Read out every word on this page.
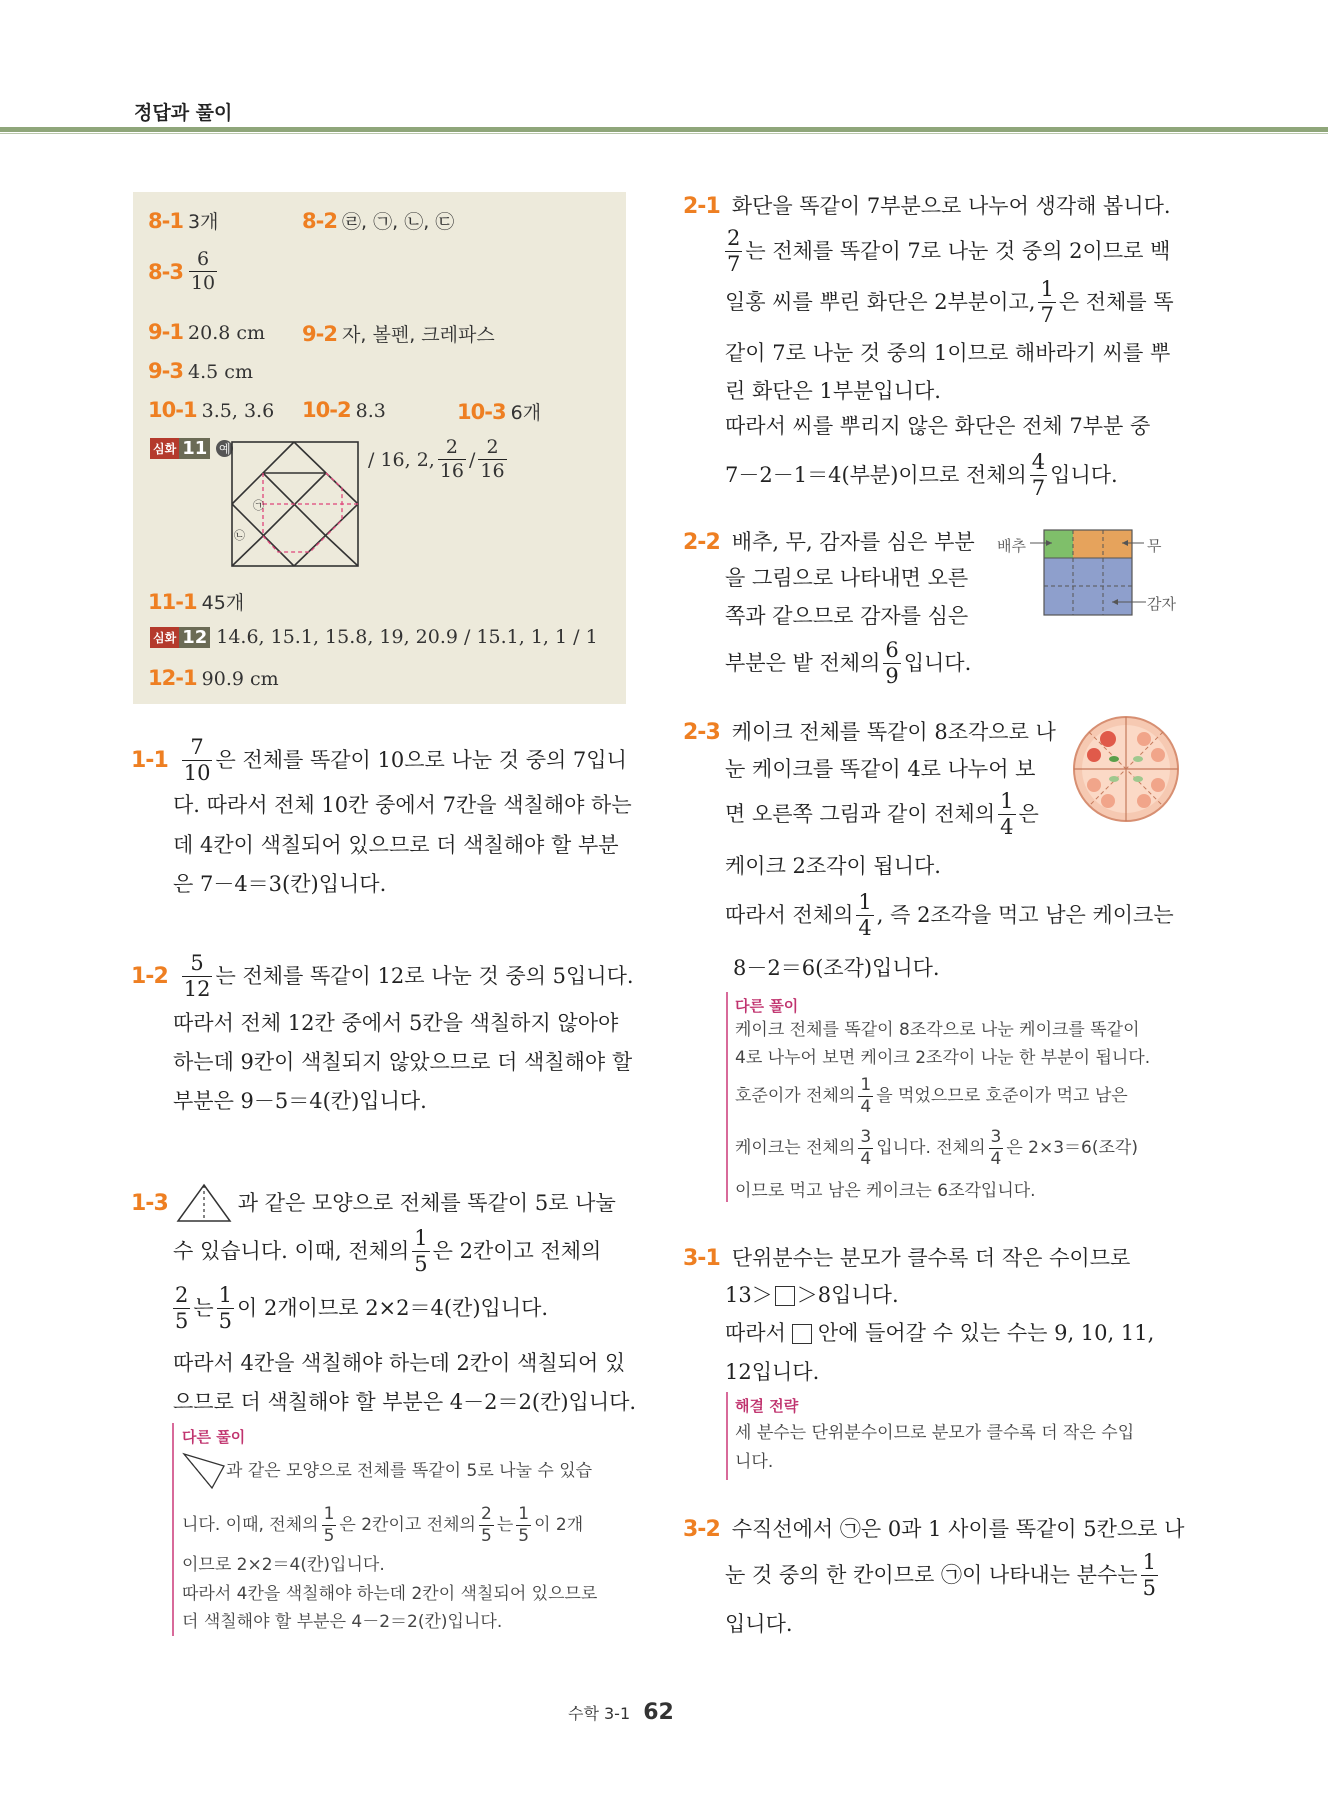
정답과 풀이
8-1 3개	8-2 ㉣, ㉠, ㉡, ㉢
$8-3 \frac{6}{10}$
9-1 20.8 cm 9-2 자, 볼펜, 크레파스
9-3 4.5 cm
10-1 3.5, 3.6 10-2 8.3	10-3 6개
심화 11 예
㉠
㉡
/ 16, 2, $\frac{2}{16} / \frac{2}{16}$
11-1 45개
심화 12 14.6, 15.1, 15.8, 19, 20.9 / 15.1, 1, 1 / 1
12-1 90.9 cm
$1-1 \frac{7}{10}$ 은 전체를 똑같이 10으로 나눈 것 중의 7입니
다. 따라서 전체 10칸 중에서 7칸을 색칠해야 하는
데 4칸이 색칠되어 있으므로 더 색칠해야 할 부분
은 7－4＝3(칸)입니다.
$1-2 \frac{5}{12}$ 는 전체를 똑같이 12로 나눈 것 중의 5입니다.
따라서 전체 12칸 중에서 5칸을 색칠하지 않아야
하는데 9칸이 색칠되지 않았으므로 더 색칠해야 할
부분은 9－5＝4(칸)입니다.
1-3	과 같은 모양으로 전체를 똑같이 5로 나눌
수 있습니다. 이때, 전체의 $\frac{1}{5}$ 은 2칸이고 전체의
$\frac{2}{5}$ 는 $\frac{1}{5}$ 이 2개이므로 2×2＝4(칸)입니다.
따라서 4칸을 색칠해야 하는데 2칸이 색칠되어 있
으므로 더 색칠해야 할 부분은 4－2＝2(칸)입니다.
다른 풀이
과 같은 모양으로 전체를 똑같이 5로 나눌 수 있습
니다. 이때, 전체의 $\frac{1}{5}$ 은 2칸이고 전체의 $\frac{2}{5}$ 는 $\frac{1}{5}$ 이 2개
이므로 2×2＝4(칸)입니다.
따라서 4칸을 색칠해야 하는데 2칸이 색칠되어 있으므로
더 색칠해야 할 부분은 4－2＝2(칸)입니다.
2-1 화단을 똑같이 7부분으로 나누어 생각해 봅니다.
$\frac{2}{7}$ 는 전체를 똑같이 7로 나눈 것 중의 2이므로 백
일홍 씨를 뿌린 화단은 2부분이고, $\frac{1}{7}$ 은 전체를 똑
같이 7로 나눈 것 중의 1이므로 해바라기 씨를 뿌
린 화단은 1부분입니다.
따라서 씨를 뿌리지 않은 화단은 전체 7부분 중
7－2－1＝4(부분)이므로 전체의 $\frac{4}{7}$ 입니다.
2-2 배추, 무, 감자를 심은 부분
을 그림으로 나타내면 오른
쪽과 같으므로 감자를 심은
부분은 밭 전체의 $\frac{6}{9}$ 입니다.
배추	무
감자
2-3 케이크 전체를 똑같이 8조각으로 나
눈 케이크를 똑같이 4로 나누어 보
면 오른쪽 그림과 같이 전체의 $\frac{1}{4}$ 은
케이크 2조각이 됩니다.
따라서 전체의 $\frac{1}{4}$ , 즉 2조각을 먹고 남은 케이크는
8－2＝6(조각)입니다.
다른 풀이
케이크 전체를 똑같이 8조각으로 나눈 케이크를 똑같이
4로 나누어 보면 케이크 2조각이 나눈 한 부분이 됩니다.
호준이가 전체의 $\frac{1}{4}$ 을 먹었으므로 호준이가 먹고 남은
케이크는 전체의 $\frac{3}{4}$ 입니다. 전체의 $\frac{3}{4}$ 은 2×3＝6(조각)
이므로 먹고 남은 케이크는 6조각입니다.
3-1 단위분수는 분모가 클수록 더 작은 수이므로
13＞ ＞8입니다.
따라서 안에 들어갈 수 있는 수는 9, 10, 11,
12입니다.
해결 전략
세 분수는 단위분수이므로 분모가 클수록 더 작은 수입
니다.
3-2 수직선에서 ㉠은 0과 1 사이를 똑같이 5칸으로 나
눈 것 중의 한 칸이므로 ㉠이 나타내는 분수는 $\frac{1}{5}$
입니다.
수학 3-1 62
